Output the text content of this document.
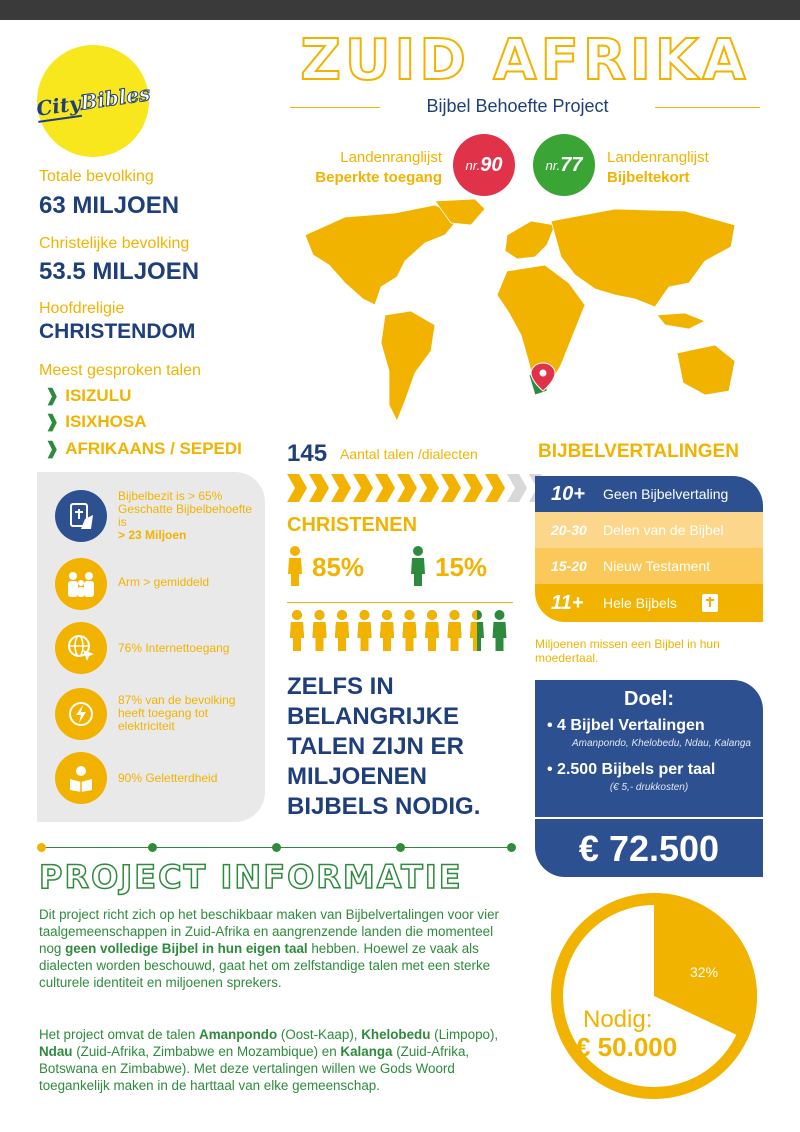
CityBibles
ZUID AFRIKA
Bijbel Behoefte Project
Landenranglijst
Beperkte toegang
nr. 90	nr. 77 Landenranglijst
Bijbeltekort
Totale bevolking
63 MILJOEN
Christelijke bevolking
53.5 MILJOEN
Hoofdreligie
CHRISTENDOM
Meest gesproken talen
❱ ISIZULU
❱ ISIXHOSA
❱ AFRIKAANS / SEPEDI
Bijbelbezit is > 65%
Geschatte Bijbelbehoefte is
> 23 Miljoen
Arm > gemiddeld
76% Internettoegang
87% van de bevolking heeft toegang tot elektriciteit
90% Geletterdheid
145 Aantal talen /dialecten
CHRISTENEN
85%	15%
ZELFS IN BELANGRIJKE TALEN ZIJN ER MILJOENEN BIJBELS NODIG.
BIJBELVERTALINGEN
10+	Geen Bijbelvertaling
20-30	Delen van de Bijbel
15-20	Nieuw Testament
11+	Hele Bijbels
Miljoenen missen een Bijbel in hun moedertaal.
Doel:
• 4 Bijbel Vertalingen
Amanpondo, Khelobedu, Ndau, Kalanga
• 2.500 Bijbels per taal
(€ 5,- drukkosten)
€ 72.500
PROJECT INFORMATIE
Dit project richt zich op het beschikbaar maken van Bijbelvertalingen voor vier taalgemeenschappen in Zuid-Afrika en aangrenzende landen die momenteel nog geen volledige Bijbel in hun eigen taal hebben. Hoewel ze vaak als dialecten worden beschouwd, gaat het om zelfstandige talen met een sterke culturele identiteit en miljoenen sprekers.
Het project omvat de talen Amanpondo (Oost-Kaap), Khelobedu (Limpopo), Ndau (Zuid-Afrika, Zimbabwe en Mozambique) en Kalanga (Zuid-Afrika, Botswana en Zimbabwe). Met deze vertalingen willen we Gods Woord toegankelijk maken in de harttaal van elke gemeenschap.
32%
Nodig:
€ 50.000
